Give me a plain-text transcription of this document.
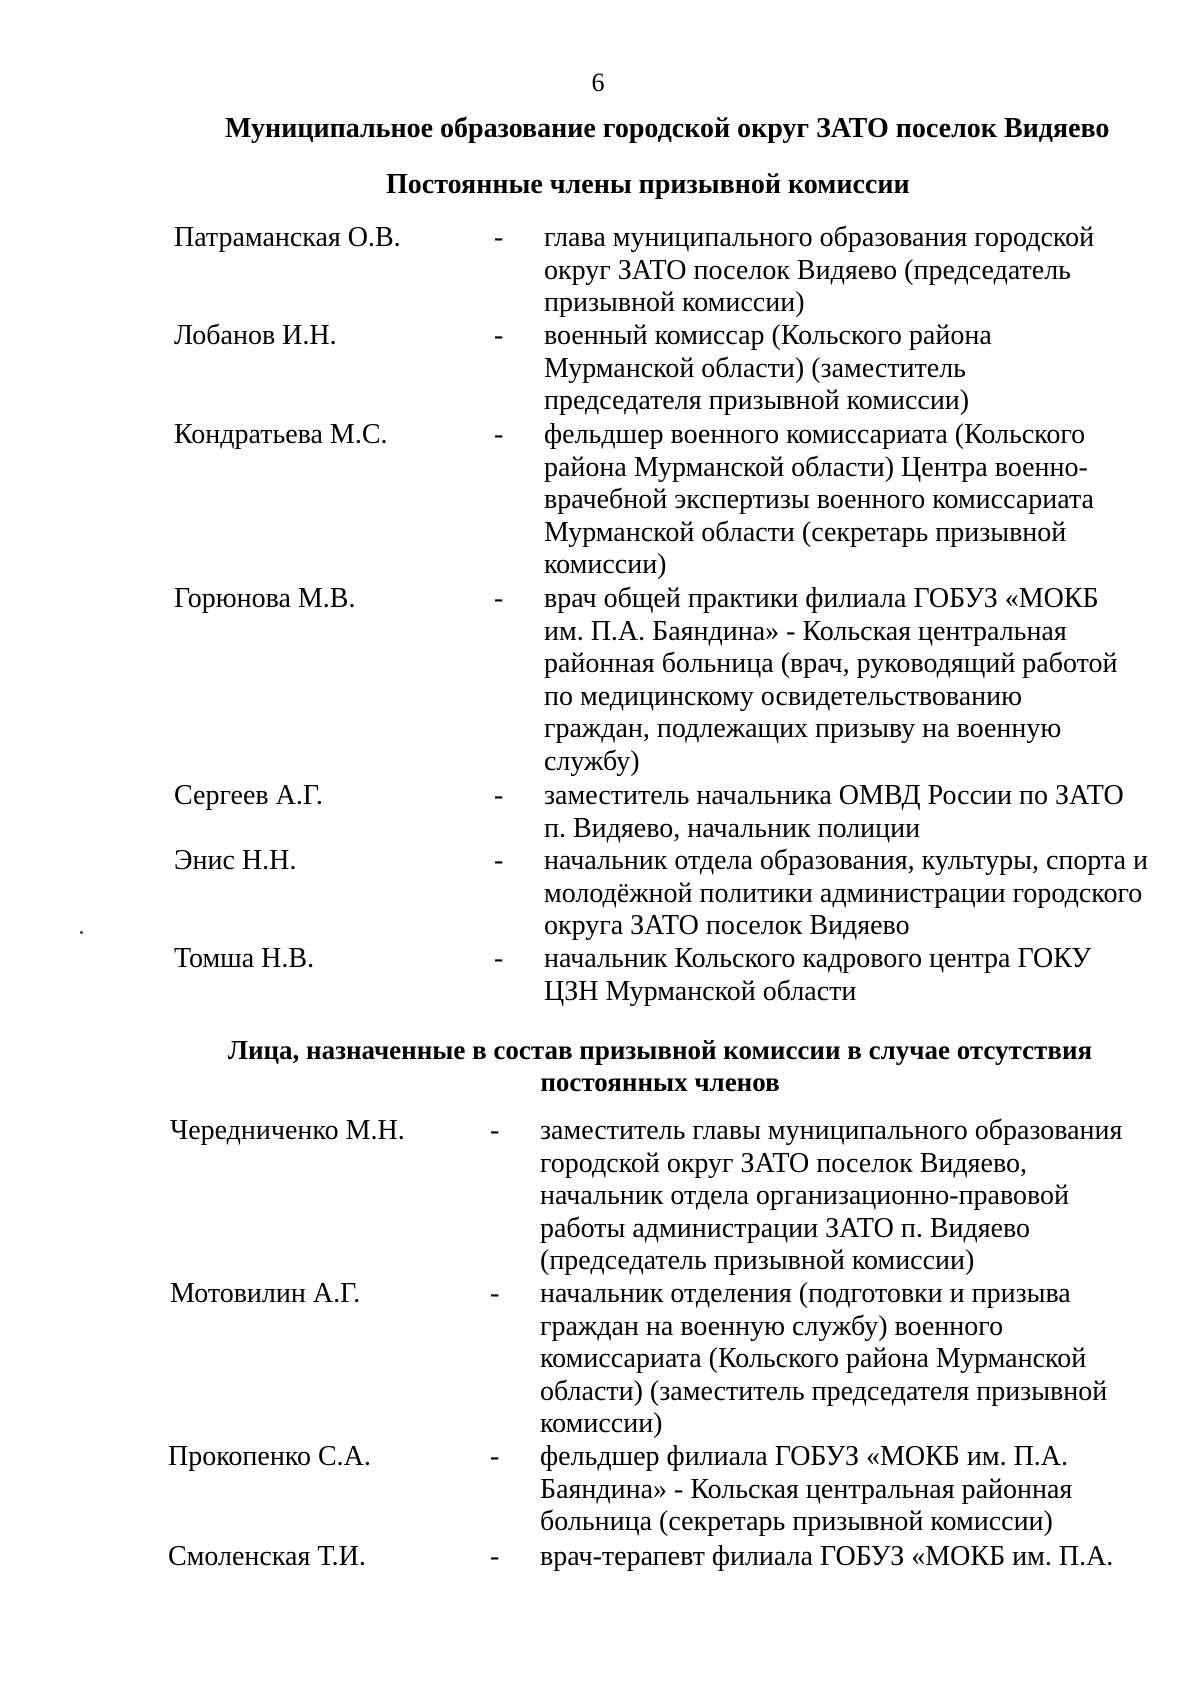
6
Муниципальное образование городской округ ЗАТО поселок Видяево
Постоянные члены призывной комиссии
Патраманская О.В.	- глава муниципального образования городской округ ЗАТО поселок Видяево (председатель призывной комиссии)
Лобанов И.Н.	- военный комиссар (Кольского района Мурманской области) (заместитель председателя призывной комиссии)
Кондратьева М.С.	- фельдшер военного комиссариата (Кольского района Мурманской области) Центра военно-врачебной экспертизы военного комиссариата Мурманской области (секретарь призывной комиссии)
Горюнова М.В.	- врач общей практики филиала ГОБУЗ «МОКБ им. П.А. Баяндина» - Кольская центральная районная больница (врач, руководящий работой по медицинскому освидетельствованию граждан, подлежащих призыву на военную службу)
Сергеев А.Г.	- заместитель начальника ОМВД России по ЗАТО п. Видяево, начальник полиции
Энис Н.Н.	- начальник отдела образования, культуры, спорта и молодёжной политики администрации городского округа ЗАТО поселок Видяево
Томша Н.В.	- начальник Кольского кадрового центра ГОКУ ЦЗН Мурманской области
Лица, назначенные в состав призывной комиссии в случае отсутствия постоянных членов
Чередниченко М.Н.	- заместитель главы муниципального образования городской округ ЗАТО поселок Видяево, начальник отдела организационно-правовой работы администрации ЗАТО п. Видяево (председатель призывной комиссии)
Мотовилин А.Г.	- начальник отделения (подготовки и призыва граждан на военную службу) военного комиссариата (Кольского района Мурманской области) (заместитель председателя призывной комиссии)
Прокопенко С.А.	- фельдшер филиала ГОБУЗ «МОКБ им. П.А. Баяндина» - Кольская центральная районная больница (секретарь призывной комиссии)
Смоленская Т.И.	- врач-терапевт филиала ГОБУЗ «МОКБ им. П.А.
